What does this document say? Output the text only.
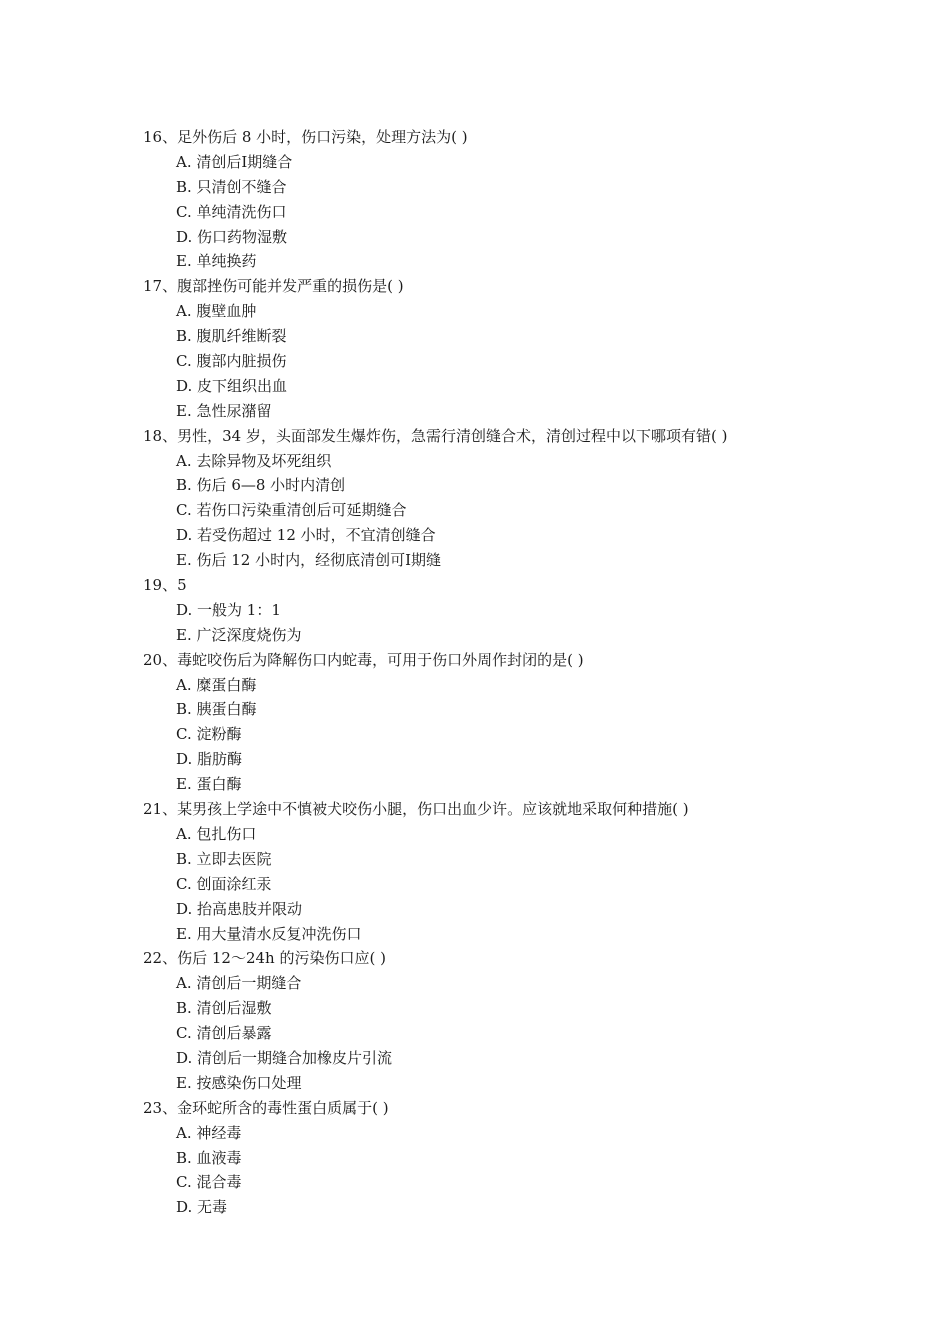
16、足外伤后 8 小时，伤口污染，处理方法为( )
A. 清创后Ⅰ期缝合
B. 只清创不缝合
C. 单纯清洗伤口
D. 伤口药物湿敷
E. 单纯换药
17、腹部挫伤可能并发严重的损伤是( )
A. 腹壁血肿
B. 腹肌纤维断裂
C. 腹部内脏损伤
D. 皮下组织出血
E. 急性尿潴留
18、男性，34 岁，头面部发生爆炸伤，急需行清创缝合术，清创过程中以下哪项有错( )
A. 去除异物及坏死组织
B. 伤后 6—8 小时内清创
C. 若伤口污染重清创后可延期缝合
D. 若受伤超过 12 小时，不宜清创缝合
E. 伤后 12 小时内，经彻底清创可Ⅰ期缝
19、5
D. 一般为 1：1
E. 广泛深度烧伤为
20、毒蛇咬伤后为降解伤口内蛇毒，可用于伤口外周作封闭的是( )
A. 糜蛋白酶
B. 胰蛋白酶
C. 淀粉酶
D. 脂肪酶
E. 蛋白酶
21、某男孩上学途中不慎被犬咬伤小腿，伤口出血少许。应该就地采取何种措施( )
A. 包扎伤口
B. 立即去医院
C. 创面涂红汞
D. 抬高患肢并限动
E. 用大量清水反复冲洗伤口
22、伤后 12～24h 的污染伤口应( )
A. 清创后一期缝合
B. 清创后湿敷
C. 清创后暴露
D. 清创后一期缝合加橡皮片引流
E. 按感染伤口处理
23、金环蛇所含的毒性蛋白质属于( )
A. 神经毒
B. 血液毒
C. 混合毒
D. 无毒
